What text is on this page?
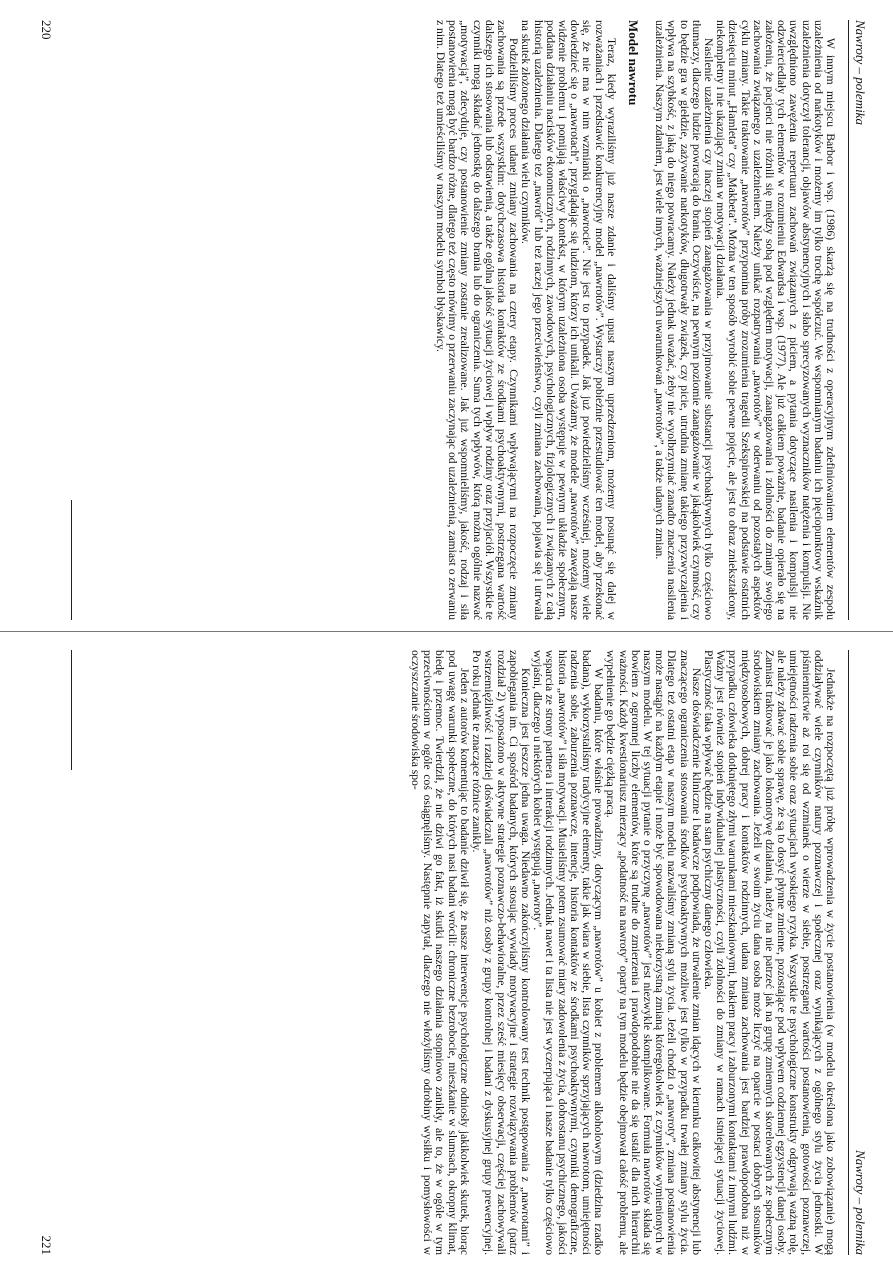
Nawroty – polemika

W innym miejscu Barbor i wsp. (1986) skarżą się na trudności z operacyjnym zdefiniowaniem elementów zespołu uzależnienia od narkotyków i możemy im tylko trochę współczuć. We wspomnianym badaniu ich pięciopunktowy wskaźnik uzależnienia dotyczył tolerancji, objawów abstynencyjnych i słabo sprecyzowanych wyznaczników natężenia i kompulsji. Nie uwzględniono zawężenia repertuaru zachowań związanych z piciem, a pytania dotyczące nasilenia i kompulsji nie odzwierciedlały tych elementów w rozumieniu Edwardsa i wsp. (1977). Ale już całkiem poważnie, badanie opierało się na założeniu, że pacjenci nie różnili się między sobą pod względem motywacji, zaangażowania i zdolności do zmiany swojego zachowania związanego z uzależnieniem. Należy unikać rozpatrywania „nawrotów” w oderwaniu od pozostałych aspektów cyklu zmiany. Takie traktowanie „nawrotów” przypomina próby zrozumienia tragedii Szekspirowskiej na podstawie ostatnich dziesięciu minut „Hamleta” czy „Makbeta”. Można w ten sposób wyrobić sobie pewne pojęcie, ale jest to obraz zniekształcony, niekompletny i nie ukazujący zmian w motywacji działania.

Nasilenie uzależnienia czy inaczej stopień zaangażowania w przyjmowanie substancji psychoaktywnych tylko częściowo tłumaczy, dlaczego ludzie powracają do brania. Oczywiście, na pewnym poziomie zaangażowanie w jakąkolwiek czynność, czy to będzie gra w giełdzie, zażywanie narkotyków, długotrwały związek, czy picie, utrudnia zmianę takiego przyzwyczajenia i wpływa na szybkość, z jaką do niego powracamy. Należy jednak uważać, żeby nie wyolbrzymiać zanadto znaczenia nasilenia uzależnienia. Naszym zdaniem, jest wiele innych, ważniejszych uwarunkowań „nawrotów”, a także udanych zmian.

Model nawrotu

Teraz, kiedy wyraziliśmy już nasze zdanie i daliśmy upust naszym uprzedzeniom, możemy posunąć się dalej w rozważaniach i przedstawić konkurencyjny model „nawrotów”. Wystarczy pobieżnie przestudiować ten model, aby przekonać się, że nie ma w nim wzmianki o „nawrocie”. Nie jest to przypadek. Jak już powiedzieliśmy wcześniej, możemy wiele dowiedzieć się o „nawrotach”, przyglądając się ludziom, którzy ich unikali. Uważamy, że modele „nawrotów” zawężają nasze widzenie problemu i pomijają właściwy kontekst, w którym uzależniona osoba występuje w pewnym układzie społecznym, poddana działaniu nacisków ekonomicznych, rodzinnych, zawodowych, psychologicznych, fizjologicznych i związanych z całą historią uzależnienia. Dlatego też „nawrót” lub też raczej jego przeciwieństwo, czyli zmiana zachowania, pojawia się i utrwala na skutek złożonego działania wielu czynników.

Podzieliliśmy proces udanej zmiany zachowania na cztery etapy. Czynnikami wpływającymi na rozpoczęcie zmiany zachowania są przede wszystkim: dotychczasowa historia kontaktów ze środkami psychoaktywnymi, postrzegana wartość dalszego ich stosowania lub odstawienia, a także ogólna jakość sytuacji życiowej i wpływ rodziny oraz przyjaciół. Wszystkie te czynniki mogą składać jednostkę do dalszego brania lub do ograniczenia. Suma tych wpływów, którą można ogólnie nazwać „motywacją”, zdecyduje, czy postanowienie zmiany zostanie zrealizowane. Jak już wspomnieliśmy, jakość, rodzaj i siła postanowienia mogą być bardzo różne, dlatego też często mówimy o przerwaniu zaczynając od uzależnienia, zamiast o zerwaniu z nim. Dlatego też umieściliśmy w naszym modelu symbol błyskawicy.

220
Nawroty – polemika

Jednakże na rozpoczętą już próbę wprowadzenia w życie postanowienia (w modelu określona jako zobowiązanie) mogą oddziaływać wiele czynników natury poznawczej i społecznej oraz wynikających z ogólnego stylu życia jednostki. W piśmiennictwie aż roi się od wzmianek o wierze w siebie, postrzeganej wartości postanowienia, gotowości poznawczej, umiejętności radzenia sobie oraz sytuacjach wysokiego ryzyka. Wszystkie te psychologiczne konstrukty odgrywają ważną rolę, ale należy zdawać sobie sprawę, że są to dosyć płynne zmienne, pozostające pod wpływem codziennej egzystencji danej osoby. Zamiast traktować je jako lokomotywę działania, należy na nie patrzeć jak na grupę zmiennych skorelowanych ze społecznym środowiskiem zmiany zachowania. Jeżeli w swoim życiu dana osoba może liczyć na oparcie w postaci dobrych stosunków międzyosobowych, dobrej pracy i kontaktów rodzinnych, udana zmiana zachowania jest bardziej prawdopodobna niż w przypadku człowieka dotkniętego złymi warunkami mieszkaniowymi, brakiem pracy i zaburzonymi kontaktami z innymi ludźmi. Ważny jest również stopień indywidualnej plastyczności, czyli zdolności do zmiany w ramach istniejącej sytuacji życiowej. Plastyczność taka wpływać będzie na stan psychiczny danego człowieka.

Nasze doświadczenie kliniczne i badawcze podpowiada, że utrwalenie zmian idących w kierunku całkowitej abstynencji lub znaczącego ograniczenia stosowania środków psychoaktywnych możliwe jest tylko w przypadku trwałej zmiany stylu życia. Dlatego też ostatni etap w naszym modelu nazwaliśmy zmianą stylu życia. Jeżeli chodzi o „nawroty”, zmiana postanowienia może nastąpić na każdym etapie i może być spowodowana niekorzystną zmianą któregokolwiek z czynników wymienionych w naszym modelu. W tej sytuacji pytanie o przyczynę „nawrotów” jest niezwykle skomplikowane. Formuła nawrotów składa się bowiem z ogromnej liczby elementów, które są trudne do zmierzenia i prawdopodobnie nie da się ustalić dla nich hierarchii ważności. Każdy kwestionariusz mierzący „podatność na nawroty” oparty na tym modelu będzie obejmował całość problemu, ale wypełnienie go będzie ciężką pracą.

W badaniu, które właśnie prowadzimy, dotyczącym „nawrotów” u kobiet z problemem alkoholowym (dziedzina rzadko badana), wykorzystaliśmy tradycyjne elementy, takie jak wiara w siebie, lista czynników sprzyjających nawrotom, umiejętności radzenia sobie, zaburzenia poznawcze, intencje, historia kontaktów ze środkami psychoaktywnymi, czynniki demograficzne, historia „nawrotów” i siła motywacji. Musieliśmy potem zsumować miary zadowolenia z życia, dobrostanu psychicznego, jakości wsparcia ze strony partnera i interakcji rodzinnych. Jednak nawet i ta lista nie jest wyczerpująca i nasze badanie tylko częściowo wyjaśni, dlaczego u niektórych kobiet występują „nawroty”.

Konieczna jest jeszcze jedna uwaga. Niedawno zakończyliśmy kontrolowany test technik postępowania z „nawrotami” i zapobiegania im. Ci spośród badanych, których stosując wywiady motywacyjne i strategie rozwiązywania problemów (patrz rozdział 2) wyposażono w aktywne strategie poznawczo-behawioralne, przez sześć miesięcy obserwacji, częściej zachowywali wstrzemięźliwość i rzadziej doświadczali „nawrotów” niż osoby z grupy kontrolnej i badani z dyskusyjnej grupy prewencyjnej. Po roku jednak te znaczące różnice zanikły.

Jeden z autorów komentując to badanie dziwił się, że nasze interwencje psychologiczne odniosły jakikolwiek skutek, biorąc pod uwagę warunki społeczne, do których nasi badani wrócili: chroniczne bezrobocie, mieszkanie w slumsach, okropny klimat, biedę i przemoc. Twierdził, że nie dziwi go fakt, iż skutki naszego działania stopniowo zanikły, ale to, że w ogóle w tym przeciwnościom w ogóle coś osiągnęliśmy. Następnie zapytał, dlaczego nie włożyliśmy odrobiny wysiłku i pomysłowości w oczyszczanie środowiska spo-

221
